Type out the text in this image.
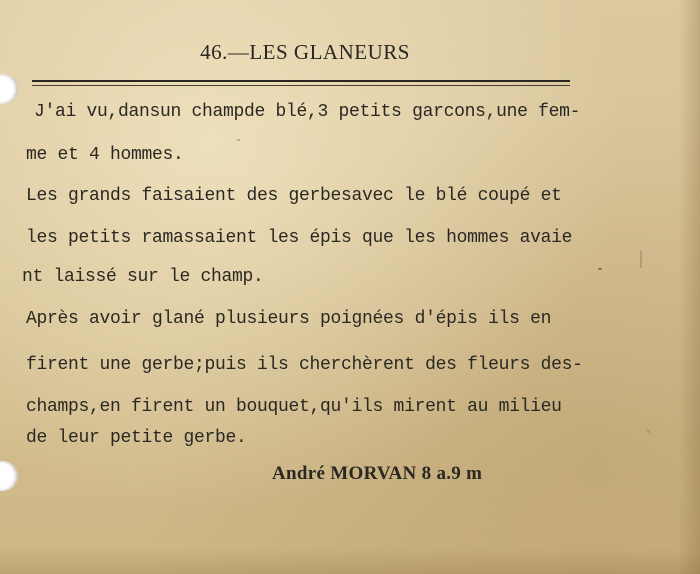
46.—LES GLANEURS
J'ai vu,dansun champde blé,3 petits garcons,une fem-
me et 4 hommes.
Les grands faisaient des gerbesavec le blé coupé et
les petits ramassaient les épis que les hommes avaie
nt laissé sur le champ.
Après avoir glané plusieurs poignées d'épis ils en
firent une gerbe;puis ils cherchèrent des fleurs des-
champs,en firent un bouquet,qu'ils mirent au milieu
de leur petite gerbe.
André MORVAN 8 a.9 m
